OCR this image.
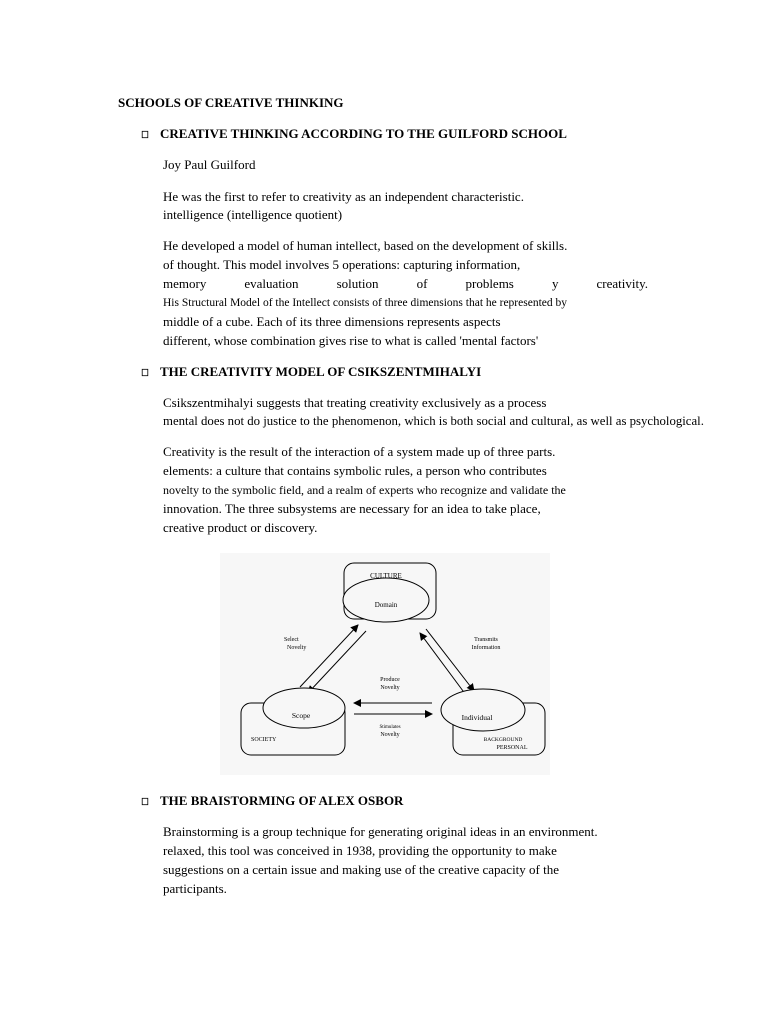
SCHOOLS OF CREATIVE THINKING
CREATIVE THINKING ACCORDING TO THE GUILFORD SCHOOL
Joy Paul Guilford
He was the first to refer to creativity as an independent characteristic.
intelligence (intelligence quotient)
He developed a model of human intellect, based on the development of skills.
of thought. This model involves 5 operations: capturing information,
memory	evaluation	solution	of	problems	y	creativity.
His Structural Model of the Intellect consists of three dimensions that he represented by
middle of a cube. Each of its three dimensions represents aspects
different, whose combination gives rise to what is called 'mental factors'
THE CREATIVITY MODEL OF CSIKSZENTMIHALYI
Csikszentmihalyi suggests that treating creativity exclusively as a process
mental does not do justice to the phenomenon, which is both social and cultural, as well as psychological.
Creativity is the result of the interaction of a system made up of three parts.
elements: a culture that contains symbolic rules, a person who contributes
novelty to the symbolic field, and a realm of experts who recognize and validate the
innovation. The three subsystems are necessary for an idea to take place,
creative product or discovery.
CULTURE
Domain
Select
Novelty
Transmits
Information
Produce
Novelty
Stimulates
Novelty
Scope
SOCIETY
Individual
BACKGROUND
PERSONAL
THE BRAISTORMING OF ALEX OSBOR
Brainstorming is a group technique for generating original ideas in an environment.
relaxed, this tool was conceived in 1938, providing the opportunity to make
suggestions on a certain issue and making use of the creative capacity of the
participants.
